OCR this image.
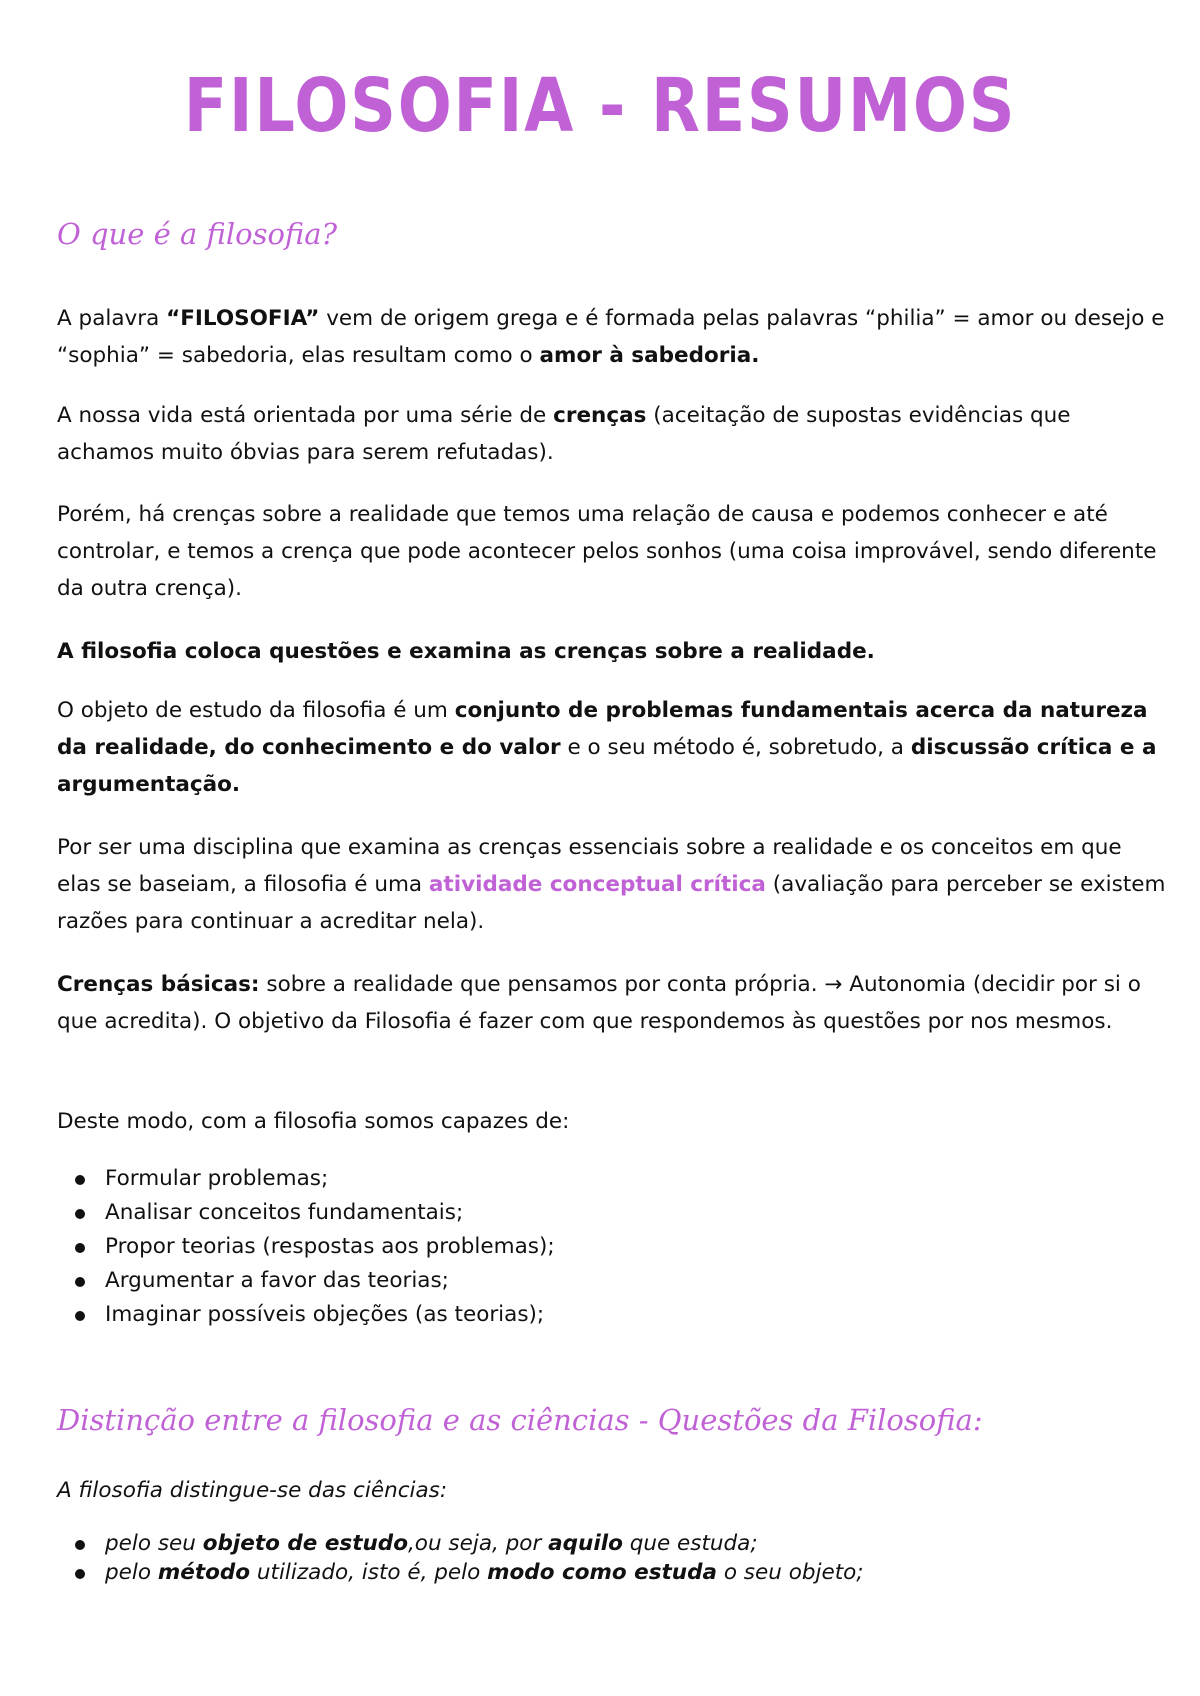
FILOSOFIA - RESUMOS
O que é a filosofia?

A palavra “FILOSOFIA” vem de origem grega e é formada pelas palavras “philia” = amor ou desejo e “sophia” = sabedoria, elas resultam como o amor à sabedoria.

A nossa vida está orientada por uma série de crenças (aceitação de supostas evidências que achamos muito óbvias para serem refutadas).

Porém, há crenças sobre a realidade que temos uma relação de causa e podemos conhecer e até controlar, e temos a crença que pode acontecer pelos sonhos (uma coisa improvável, sendo diferente da outra crença).

A filosofia coloca questões e examina as crenças sobre a realidade.

O objeto de estudo da filosofia é um conjunto de problemas fundamentais acerca da natureza da realidade, do conhecimento e do valor e o seu método é, sobretudo, a discussão crítica e a argumentação.

Por ser uma disciplina que examina as crenças essenciais sobre a realidade e os conceitos em que elas se baseiam, a filosofia é uma atividade conceptual crítica (avaliação para perceber se existem razões para continuar a acreditar nela).

Crenças básicas: sobre a realidade que pensamos por conta própria. → Autonomia (decidir por si o que acredita). O objetivo da Filosofia é fazer com que respondemos às questões por nos mesmos.

Deste modo, com a filosofia somos capazes de:

Formular problemas;
Analisar conceitos fundamentais;
Propor teorias (respostas aos problemas);
Argumentar a favor das teorias;
Imaginar possíveis objeções (as teorias);
Distinção entre a filosofia e as ciências - Questões da Filosofia:

A filosofia distingue-se das ciências:

pelo seu objeto de estudo,ou seja, por aquilo que estuda;
pelo método utilizado, isto é, pelo modo como estuda o seu objeto;
